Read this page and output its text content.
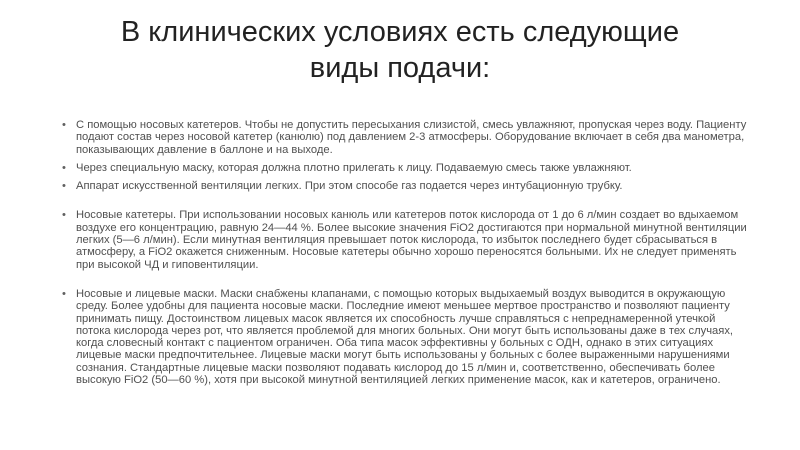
В клинических условиях есть следующие
виды подачи:

• С помощью носовых катетеров. Чтобы не допустить пересыхания слизистой, смесь увлажняют, пропуская через воду. Пациенту подают состав через носовой катетер (канюлю) под давлением 2-3 атмосферы. Оборудование включает в себя два манометра, показывающих давление в баллоне и на выходе.

• Через специальную маску, которая должна плотно прилегать к лицу. Подаваемую смесь также увлажняют.

• Аппарат искусственной вентиляции легких. При этом способе газ подается через интубационную трубку.

• Носовые катетеры. При использовании носовых канюль или катетеров поток кислорода от 1 до 6 л/мин создает во вдыхаемом воздухе его концентрацию, равную 24—44 %. Более высокие значения FiO2 достигаются при нормальной минутной вентиляции легких (5—6 л/мин). Если минутная вентиляция превышает поток кислорода, то избыток последнего будет сбрасываться в атмосферу, а FiO2 окажется сниженным. Носовые катетеры обычно хорошо переносятся больными. Их не следует применять при высокой ЧД и гиповентиляции.

• Носовые и лицевые маски. Маски снабжены клапанами, с помощью которых выдыхаемый воздух выводится в окружающую среду. Более удобны для пациента носовые маски. Последние имеют меньшее мертвое пространство и позволяют пациенту принимать пищу. Достоинством лицевых масок является их способность лучше справляться с непреднамеренной утечкой потока кислорода через рот, что является проблемой для многих больных. Они могут быть использованы даже в тех случаях, когда словесный контакт с пациентом ограничен. Оба типа масок эффективны у больных с ОДН, однако в этих ситуациях лицевые маски предпочтительнее. Лицевые маски могут быть использованы у больных с более выраженными нарушениями сознания. Стандартные лицевые маски позволяют подавать кислород до 15 л/мин и, соответственно, обеспечивать более высокую FiO2 (50—60 %), хотя при высокой минутной вентиляцией легких применение масок, как и катетеров, ограничено.
